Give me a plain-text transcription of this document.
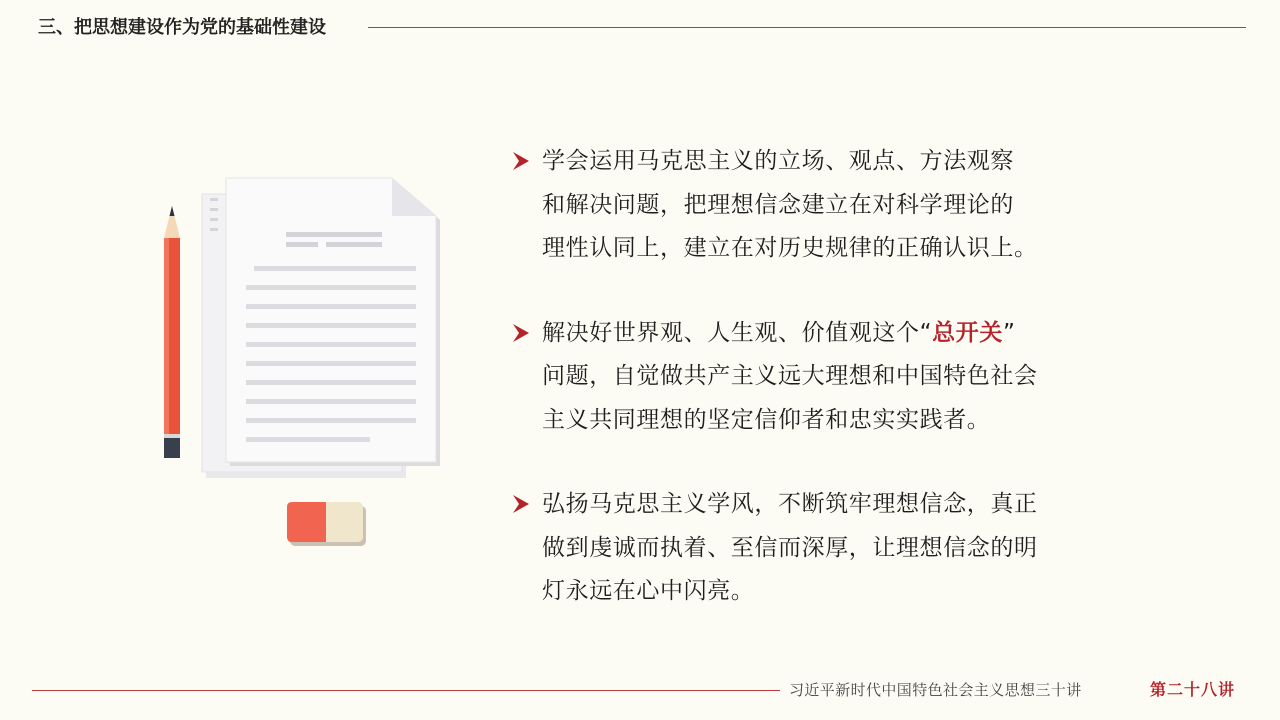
三、把思想建设作为党的基础性建设
学会运用马克思主义的立场、观点、方法观察
和解决问题，把理想信念建立在对科学理论的
理性认同上，建立在对历史规律的正确认识上。
解决好世界观、人生观、价值观这个“总开关”
问题，自觉做共产主义远大理想和中国特色社会
主义共同理想的坚定信仰者和忠实实践者。
弘扬马克思主义学风，不断筑牢理想信念，真正
做到虔诚而执着、至信而深厚，让理想信念的明
灯永远在心中闪亮。
习近平新时代中国特色社会主义思想三十讲	第二十八讲
